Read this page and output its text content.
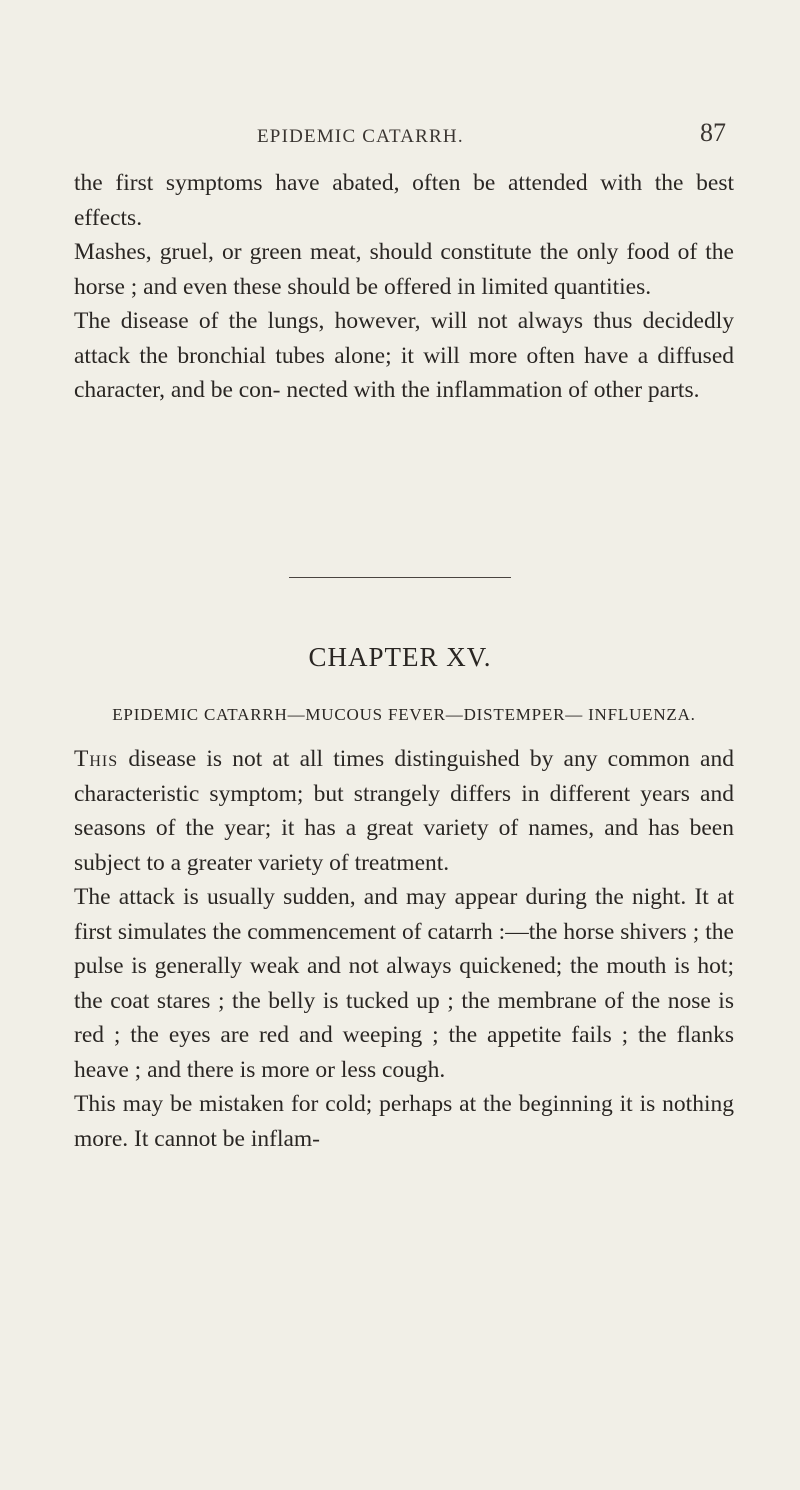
EPIDEMIC CATARRH.	87

the first symptoms have abated, often be attended with the best effects.

Mashes, gruel, or green meat, should constitute the only food of the horse ; and even these should be offered in limited quantities.

The disease of the lungs, however, will not always thus decidedly attack the bronchial tubes alone; it will more often have a diffused character, and be con- nected with the inflammation of other parts.

CHAPTER XV.
EPIDEMIC CATARRH—MUCOUS FEVER—DISTEMPER— INFLUENZA.

This disease is not at all times distinguished by any common and characteristic symptom; but strangely differs in different years and seasons of the year; it has a great variety of names, and has been subject to a greater variety of treatment.

The attack is usually sudden, and may appear during the night. It at first simulates the commencement of catarrh :—the horse shivers ; the pulse is generally weak and not always quickened; the mouth is hot; the coat stares ; the belly is tucked up ; the membrane of the nose is red ; the eyes are red and weeping ; the appetite fails ; the flanks heave ; and there is more or less cough.

This may be mistaken for cold; perhaps at the beginning it is nothing more. It cannot be inflam-
